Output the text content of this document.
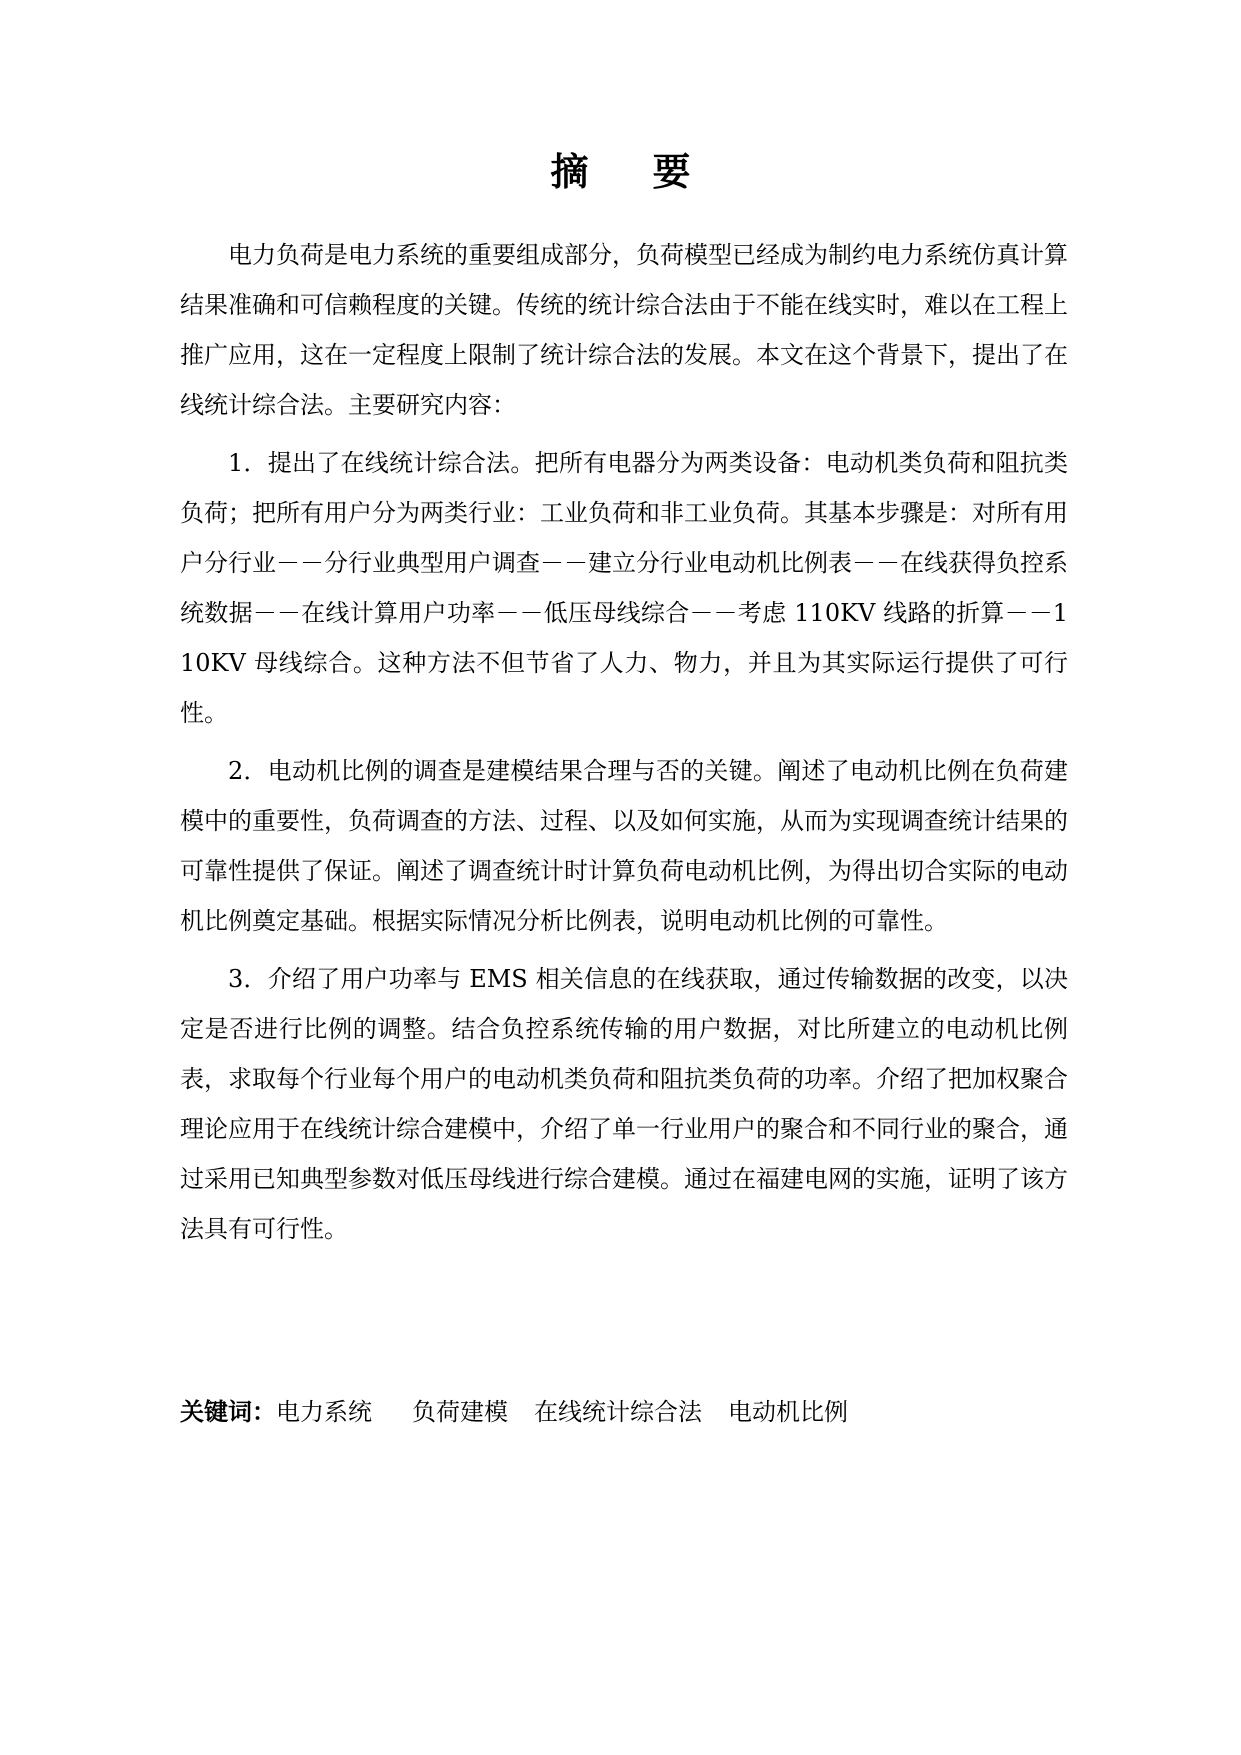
摘要

电力负荷是电力系统的重要组成部分，负荷模型已经成为制约电力系统仿真计算结果准确和可信赖程度的关键。传统的统计综合法由于不能在线实时，难以在工程上推广应用，这在一定程度上限制了统计综合法的发展。本文在这个背景下，提出了在线统计综合法。主要研究内容：

1．提出了在线统计综合法。把所有电器分为两类设备：电动机类负荷和阻抗类负荷；把所有用户分为两类行业：工业负荷和非工业负荷。其基本步骤是：对所有用户分行业－－分行业典型用户调查－－建立分行业电动机比例表－－在线获得负控系统数据－－在线计算用户功率－－低压母线综合－－考虑 110KV 线路的折算－－110KV 母线综合。这种方法不但节省了人力、物力，并且为其实际运行提供了可行性。

2．电动机比例的调查是建模结果合理与否的关键。阐述了电动机比例在负荷建模中的重要性，负荷调查的方法、过程、以及如何实施，从而为实现调查统计结果的可靠性提供了保证。阐述了调查统计时计算负荷电动机比例，为得出切合实际的电动机比例奠定基础。根据实际情况分析比例表，说明电动机比例的可靠性。

3．介绍了用户功率与 EMS 相关信息的在线获取，通过传输数据的改变，以决定是否进行比例的调整。结合负控系统传输的用户数据，对比所建立的电动机比例表，求取每个行业每个用户的电动机类负荷和阻抗类负荷的功率。介绍了把加权聚合理论应用于在线统计综合建模中，介绍了单一行业用户的聚合和不同行业的聚合，通过采用已知典型参数对低压母线进行综合建模。通过在福建电网的实施，证明了该方法具有可行性。

关键词：电力系统 负荷建模 在线统计综合法 电动机比例
